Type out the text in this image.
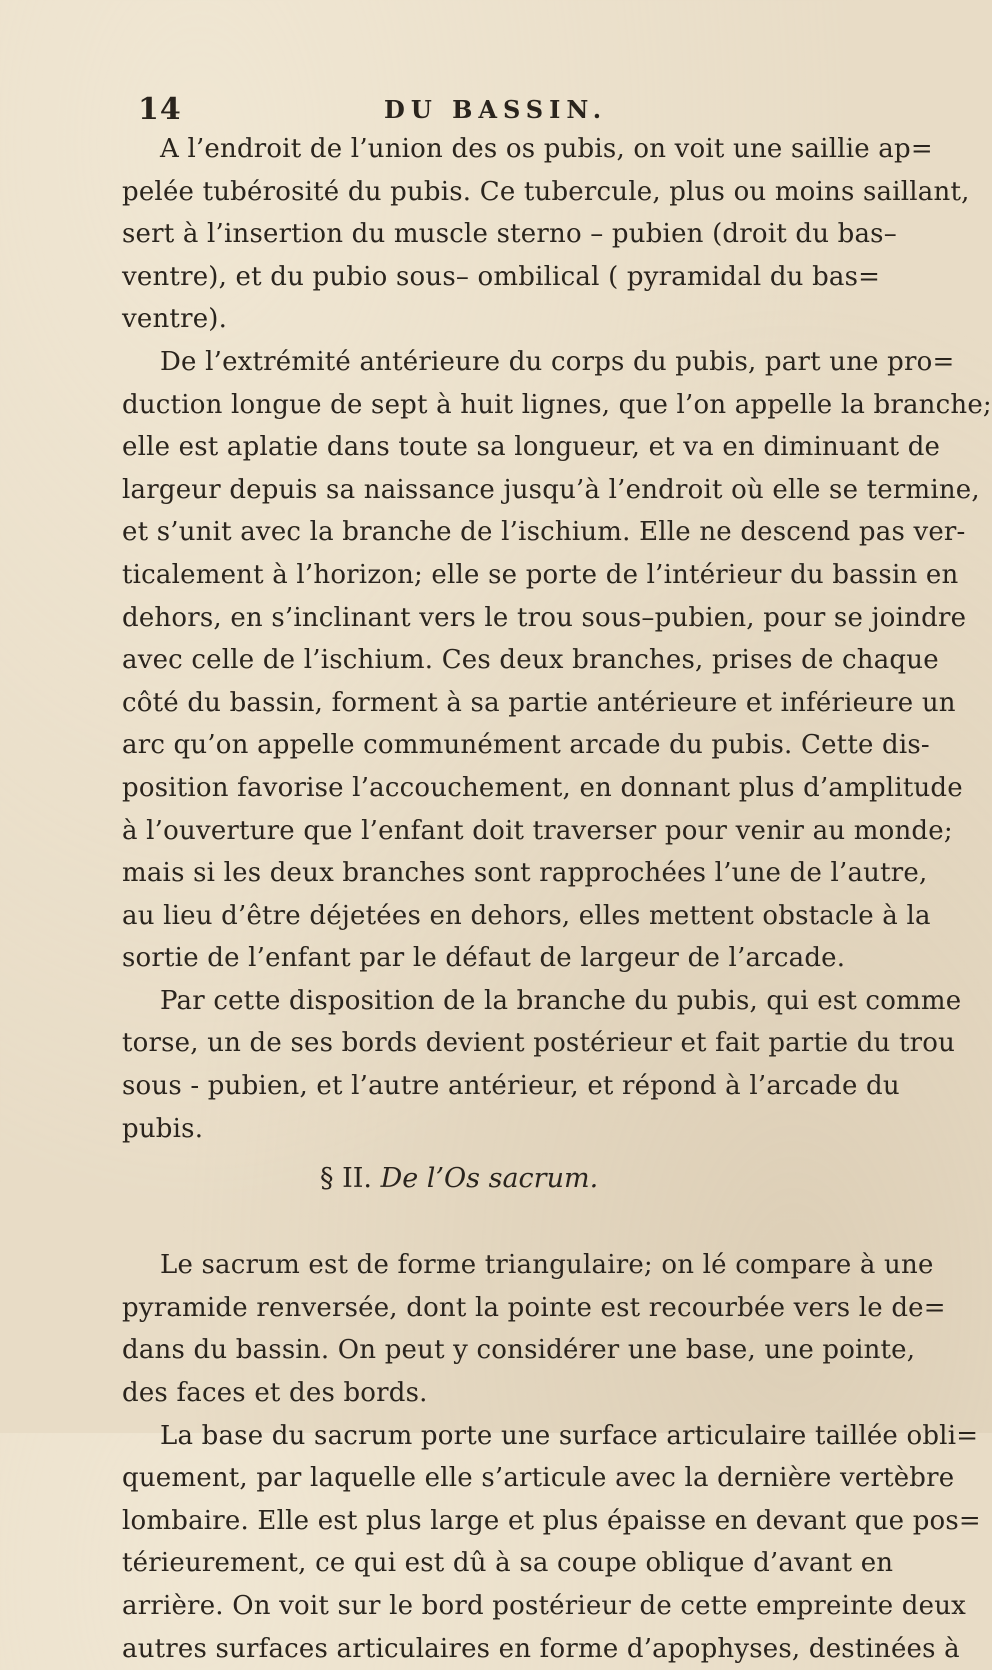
14	DU BASSIN.
A l’endroit de l’union des os pubis, on voit une saillie ap=
pelée tubérosité du pubis. Ce tubercule, plus ou moins saillant,
sert à l’insertion du muscle sterno – pubien (droit du bas–
ventre), et du pubio sous– ombilical ( pyramidal du bas=
ventre).
De l’extrémité antérieure du corps du pubis, part une pro=
duction longue de sept à huit lignes, que l’on appelle la branche;
elle est aplatie dans toute sa longueur, et va en diminuant de
largeur depuis sa naissance jusqu’à l’endroit où elle se termine,
et s’unit avec la branche de l’ischium. Elle ne descend pas ver-
ticalement à l’horizon; elle se porte de l’intérieur du bassin en
dehors, en s’inclinant vers le trou sous–pubien, pour se joindre
avec celle de l’ischium. Ces deux branches, prises de chaque
côté du bassin, forment à sa partie antérieure et inférieure un
arc qu’on appelle communément arcade du pubis. Cette dis-
position favorise l’accouchement, en donnant plus d’amplitude
à l’ouverture que l’enfant doit traverser pour venir au monde;
mais si les deux branches sont rapprochées l’une de l’autre,
au lieu d’être déjetées en dehors, elles mettent obstacle à la
sortie de l’enfant par le défaut de largeur de l’arcade.
Par cette disposition de la branche du pubis, qui est comme
torse, un de ses bords devient postérieur et fait partie du trou
sous - pubien, et l’autre antérieur, et répond à l’arcade du
pubis.
§ II. De l’Os sacrum.
Le sacrum est de forme triangulaire; on lé compare à une
pyramide renversée, dont la pointe est recourbée vers le de=
dans du bassin. On peut y considérer une base, une pointe,
des faces et des bords.
La base du sacrum porte une surface articulaire taillée obli=
quement, par laquelle elle s’articule avec la dernière vertèbre
lombaire. Elle est plus large et plus épaisse en devant que pos=
térieurement, ce qui est dû à sa coupe oblique d’avant en
arrière. On voit sur le bord postérieur de cette empreinte deux
autres surfaces articulaires en forme d’apophyses, destinées à
